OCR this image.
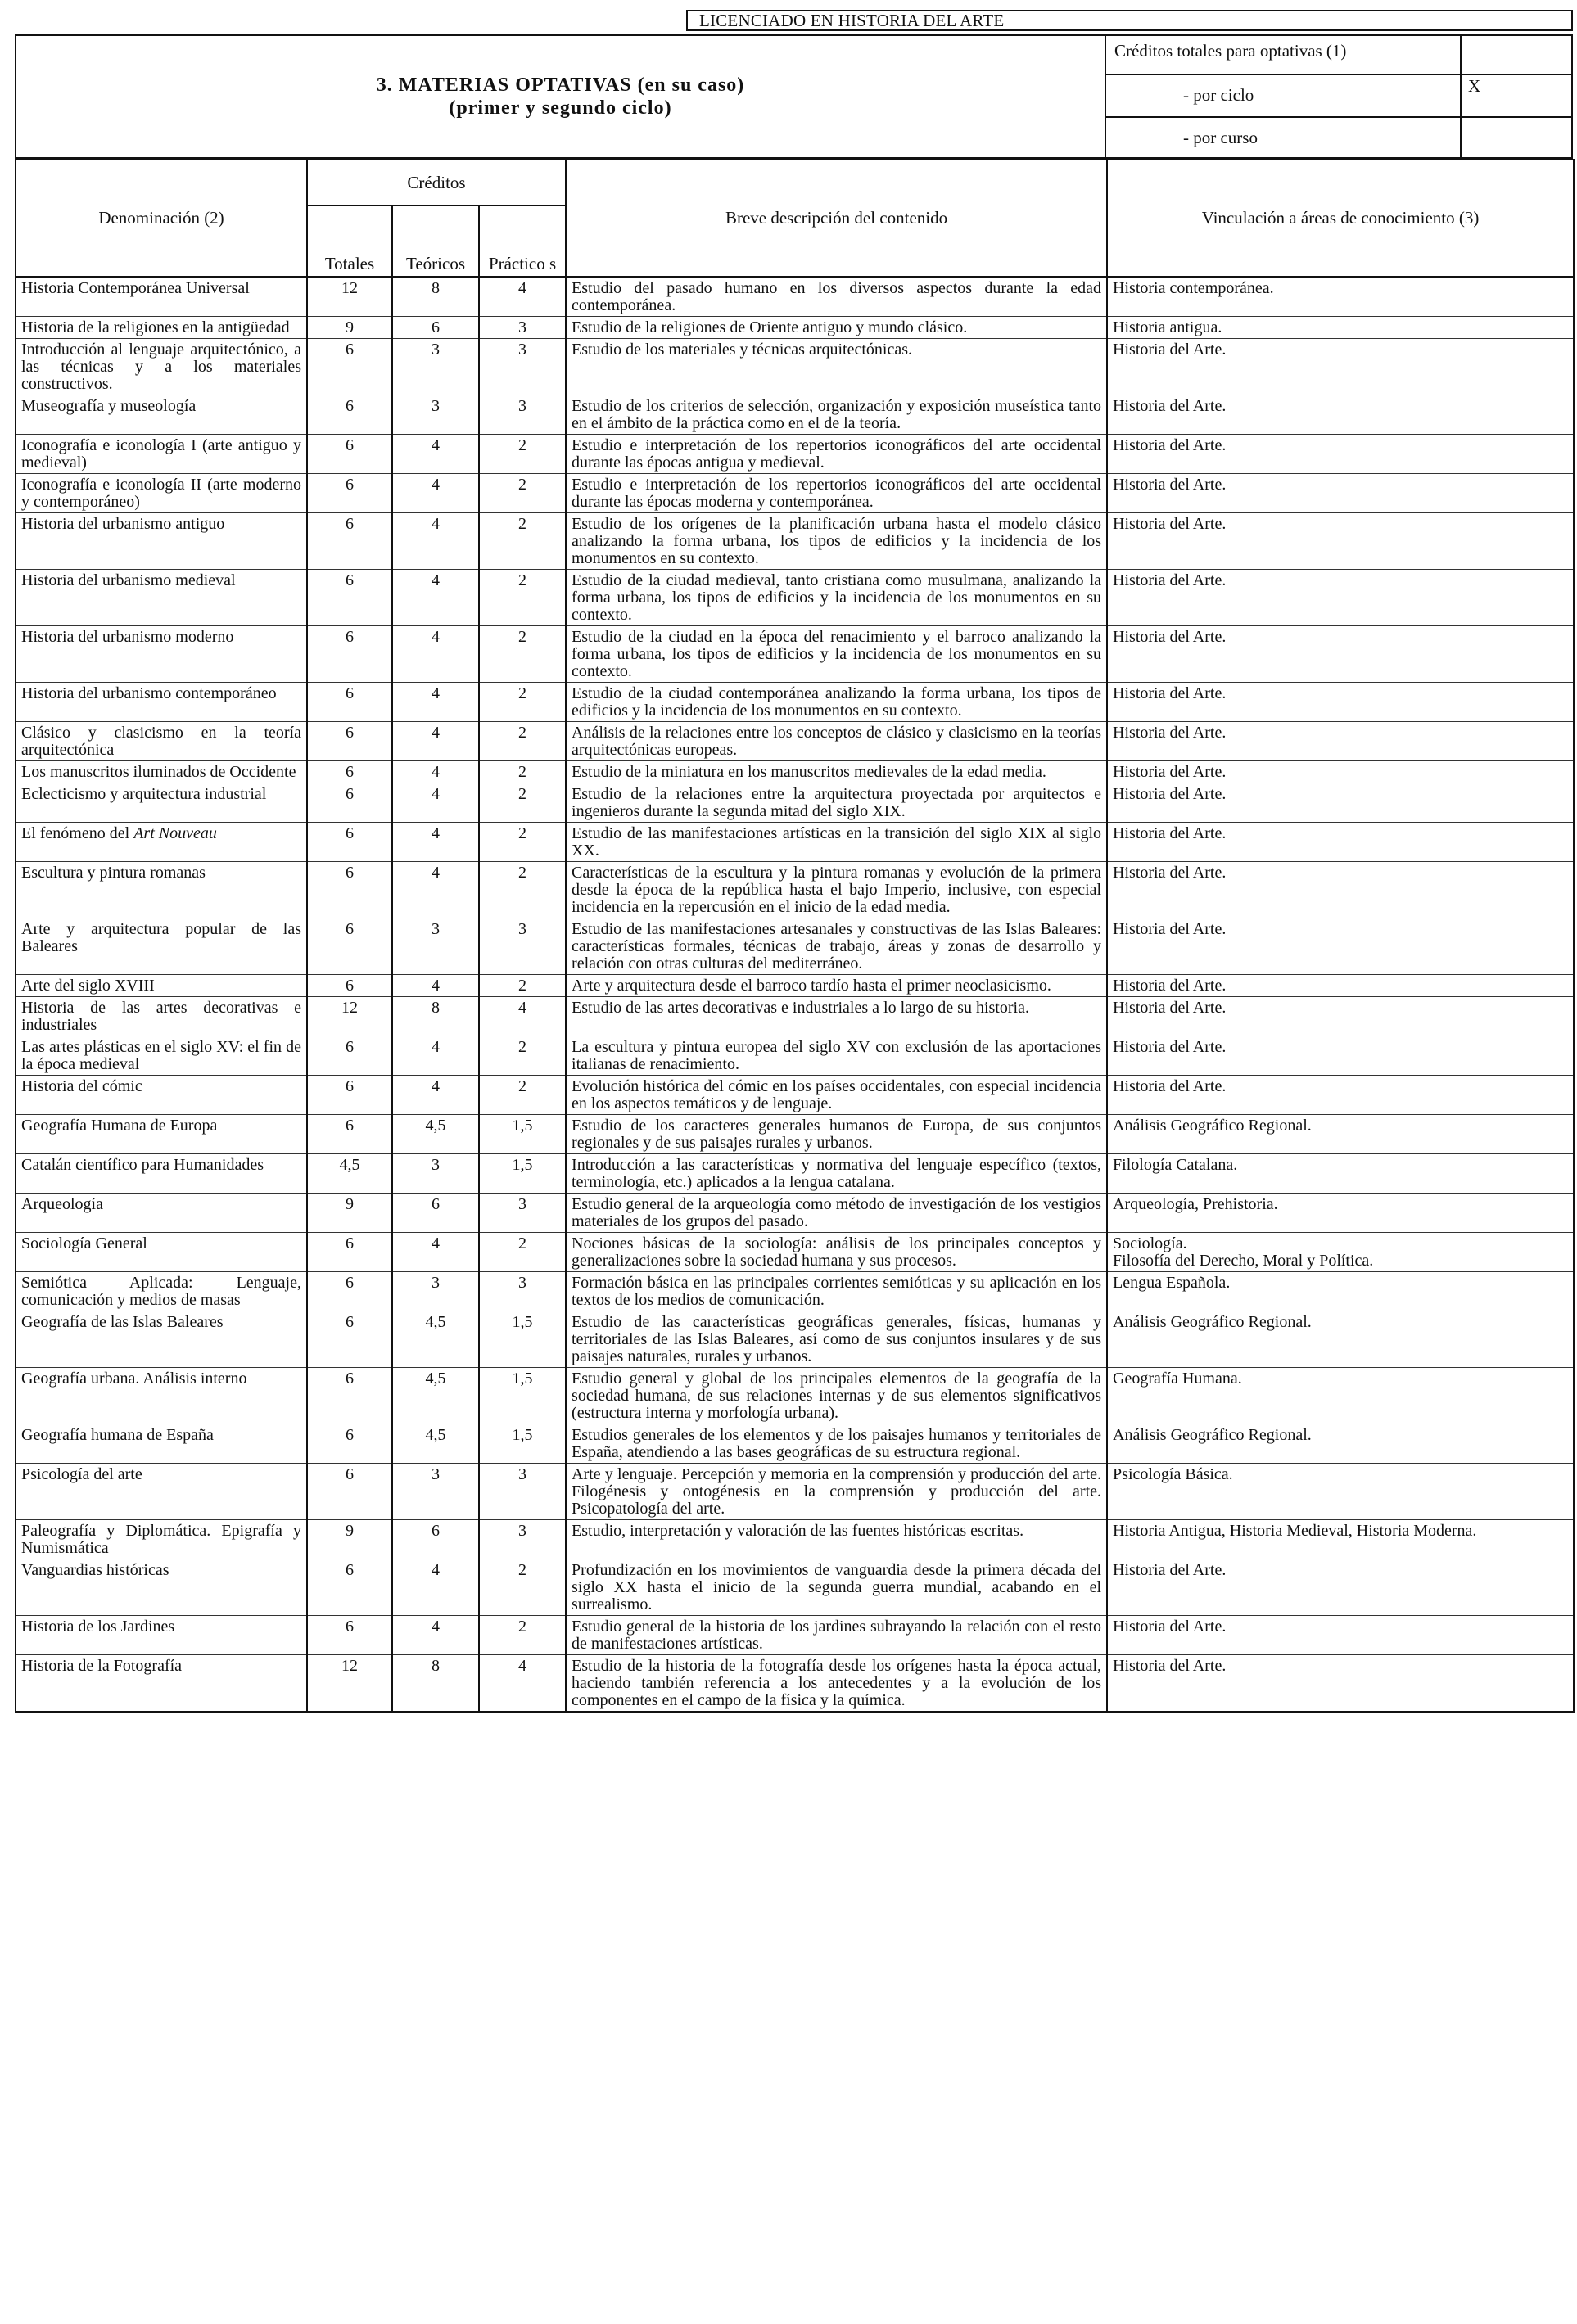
LICENCIADO EN HISTORIA DEL ARTE
3. MATERIAS OPTATIVAS (en su caso)
(primer y segundo ciclo)
Créditos totales para optativas (1)
- por ciclo	X
- por curso
Denominación (2)	Créditos			Breve descripción del contenido	Vinculación a áreas de conocimiento (3)
	Totales	Teóricos	Práctico s		
Historia Contemporánea Universal	12	8	4	Estudio del pasado humano en los diversos aspectos durante la edad contemporánea.	Historia contemporánea.

Historia de la religiones en la antigüedad	9	6	3	Estudio de la religiones de Oriente antiguo y mundo clásico.	Historia antigua.

Introducción al lenguaje arquitectónico, a las técnicas y a los materiales constructivos.	6	3	3	Estudio de los materiales y técnicas arquitectónicas.	Historia del Arte.

Museografía y museología	6	3	3	Estudio de los criterios de selección, organización y exposición museística tanto en el ámbito de la práctica como en el de la teoría.	Historia del Arte.

Iconografía e iconología I (arte antiguo y medieval)	6	4	2	Estudio e interpretación de los repertorios iconográficos del arte occidental durante las épocas antigua y medieval.	Historia del Arte.

Iconografía e iconología II (arte moderno y contemporáneo)	6	4	2	Estudio e interpretación de los repertorios iconográficos del arte occidental durante las épocas moderna y contemporánea.	Historia del Arte.

Historia del urbanismo antiguo	6	4	2	Estudio de los orígenes de la planificación urbana hasta el modelo clásico analizando la forma urbana, los tipos de edificios y la incidencia de los monumentos en su contexto.	Historia del Arte.

Historia del urbanismo medieval	6	4	2	Estudio de la ciudad medieval, tanto cristiana como musulmana, analizando la forma urbana, los tipos de edificios y la incidencia de los monumentos en su contexto.	Historia del Arte.

Historia del urbanismo moderno	6	4	2	Estudio de la ciudad en la época del renacimiento y el barroco analizando la forma urbana, los tipos de edificios y la incidencia de los monumentos en su contexto.	Historia del Arte.

Historia del urbanismo contemporáneo	6	4	2	Estudio de la ciudad contemporánea analizando la forma urbana, los tipos de edificios y la incidencia de los monumentos en su contexto.	Historia del Arte.

Clásico y clasicismo en la teoría arquitectónica	6	4	2	Análisis de la relaciones entre los conceptos de clásico y clasicismo en la teorías arquitectónicas europeas.	Historia del Arte.

Los manuscritos iluminados de Occidente	6	4	2	Estudio de la miniatura en los manuscritos medievales de la edad media.	Historia del Arte.

Eclecticismo y arquitectura industrial	6	4	2	Estudio de la relaciones entre la arquitectura proyectada por arquitectos e ingenieros durante la segunda mitad del siglo XIX.	Historia del Arte.

El fenómeno del Art Nouveau	6	4	2	Estudio de las manifestaciones artísticas en la transición del siglo XIX al siglo XX.	Historia del Arte.

Escultura y pintura romanas	6	4	2	Características de la escultura y la pintura romanas y evolución de la primera desde la época de la república hasta el bajo Imperio, inclusive, con especial incidencia en la repercusión en el inicio de la edad media.	Historia del Arte.

Arte y arquitectura popular de las Baleares	6	3	3	Estudio de las manifestaciones artesanales y constructivas de las Islas Baleares: características formales, técnicas de trabajo, áreas y zonas de desarrollo y relación con otras culturas del mediterráneo.	Historia del Arte.

Arte del siglo XVIII	6	4	2	Arte y arquitectura desde el barroco tardío hasta el primer neoclasicismo.	Historia del Arte.

Historia de las artes decorativas e industriales	12	8	4	Estudio de las artes decorativas e industriales a lo largo de su historia.	Historia del Arte.

Las artes plásticas en el siglo XV: el fin de la época medieval	6	4	2	La escultura y pintura europea del siglo XV con exclusión de las aportaciones italianas de renacimiento.	Historia del Arte.

Historia del cómic	6	4	2	Evolución histórica del cómic en los países occidentales, con especial incidencia en los aspectos temáticos y de lenguaje.	Historia del Arte.

Geografía Humana de Europa	6	4,5	1,5	Estudio de los caracteres generales humanos de Europa, de sus conjuntos regionales y de sus paisajes rurales y urbanos.	Análisis Geográfico Regional.

Catalán científico para Humanidades	4,5	3	1,5	Introducción a las características y normativa del lenguaje específico (textos, terminología, etc.) aplicados a la lengua catalana.	Filología Catalana.

Arqueología	9	6	3	Estudio general de la arqueología como método de investigación de los vestigios materiales de los grupos del pasado.	Arqueología, Prehistoria.

Sociología General	6	4	2	Nociones básicas de la sociología: análisis de los principales conceptos y generalizaciones sobre la sociedad humana y sus procesos.	Sociología.
Filosofía del Derecho, Moral y Política.

Semiótica Aplicada: Lenguaje, comunicación y medios de masas	6	3	3	Formación básica en las principales corrientes semióticas y su aplicación en los textos de los medios de comunicación.	Lengua Española.

Geografía de las Islas Baleares	6	4,5	1,5	Estudio de las características geográficas generales, físicas, humanas y territoriales de las Islas Baleares, así como de sus conjuntos insulares y de sus paisajes naturales, rurales y urbanos.	Análisis Geográfico Regional.

Geografía urbana. Análisis interno	6	4,5	1,5	Estudio general y global de los principales elementos de la geografía de la sociedad humana, de sus relaciones internas y de sus elementos significativos (estructura interna y morfología urbana).	Geografía Humana.

Geografía humana de España	6	4,5	1,5	Estudios generales de los elementos y de los paisajes humanos y territoriales de España, atendiendo a las bases geográficas de su estructura regional.	Análisis Geográfico Regional.

Psicología del arte	6	3	3	Arte y lenguaje. Percepción y memoria en la comprensión y producción del arte. Filogénesis y ontogénesis en la comprensión y producción del arte. Psicopatología del arte.	Psicología Básica.

Paleografía y Diplomática. Epigrafía y Numismática	9	6	3	Estudio, interpretación y valoración de las fuentes históricas escritas.	Historia Antigua, Historia Medieval, Historia Moderna.

Vanguardias históricas	6	4	2	Profundización en los movimientos de vanguardia desde la primera década del siglo XX hasta el inicio de la segunda guerra mundial, acabando en el surrealismo.	Historia del Arte.

Historia de los Jardines	6	4	2	Estudio general de la historia de los jardines subrayando la relación con el resto de manifestaciones artísticas.	Historia del Arte.

Historia de la Fotografía	12	8	4	Estudio de la historia de la fotografía desde los orígenes hasta la época actual, haciendo también referencia a los antecedentes y a la evolución de los componentes en el campo de la física y la química.	Historia del Arte.
